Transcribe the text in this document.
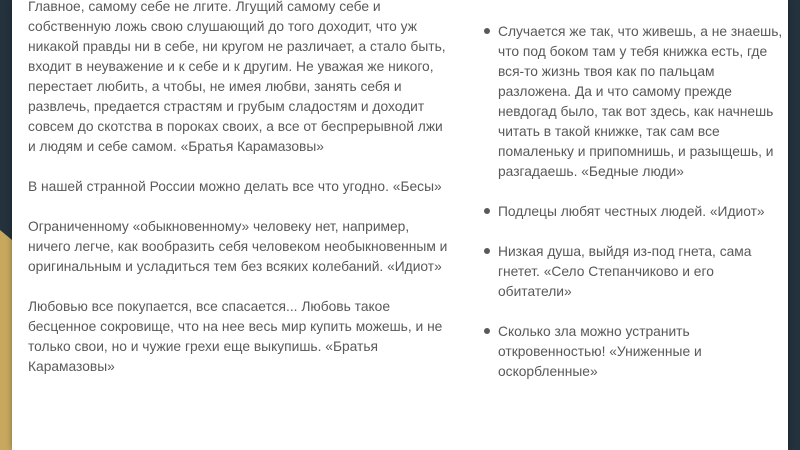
Главное, самому себе не лгите. Лгущий самому себе и собственную ложь свою слушающий до того доходит, что уж никакой правды ни в себе, ни кругом не различает, а стало быть, входит в неуважение и к себе и к другим. Не уважая же никого, перестает любить, а чтобы, не имея любви, занять себя и развлечь, предается страстям и грубым сладостям и доходит совсем до скотства в пороках своих, а все от беспрерывной лжи и людям и себе самом. «Братья Карамазовы»
В нашей странной России можно делать все что угодно. «Бесы»
Ограниченному «обыкновенному» человеку нет, например, ничего легче, как вообразить себя человеком необыкновенным и оригинальным и усладиться тем без всяких колебаний. «Идиот»
Любовью все покупается, все спасается... Любовь такое бесценное сокровище, что на нее весь мир купить можешь, и не только свои, но и чужие грехи еще выкупишь. «Братья Карамазовы»
Случается же так, что живешь, а не знаешь, что под боком там у тебя книжка есть, где вся-то жизнь твоя как по пальцам разложена. Да и что самому прежде невдогад было, так вот здесь, как начнешь читать в такой книжке, так сам все помаленьку и припомнишь, и разыщешь, и разгадаешь. «Бедные люди»
Подлецы любят честных людей. «Идиот»
Низкая душа, выйдя из-под гнета, сама гнетет. «Село Степанчиково и его обитатели»
Сколько зла можно устранить откровенностью! «Униженные и оскорбленные»
